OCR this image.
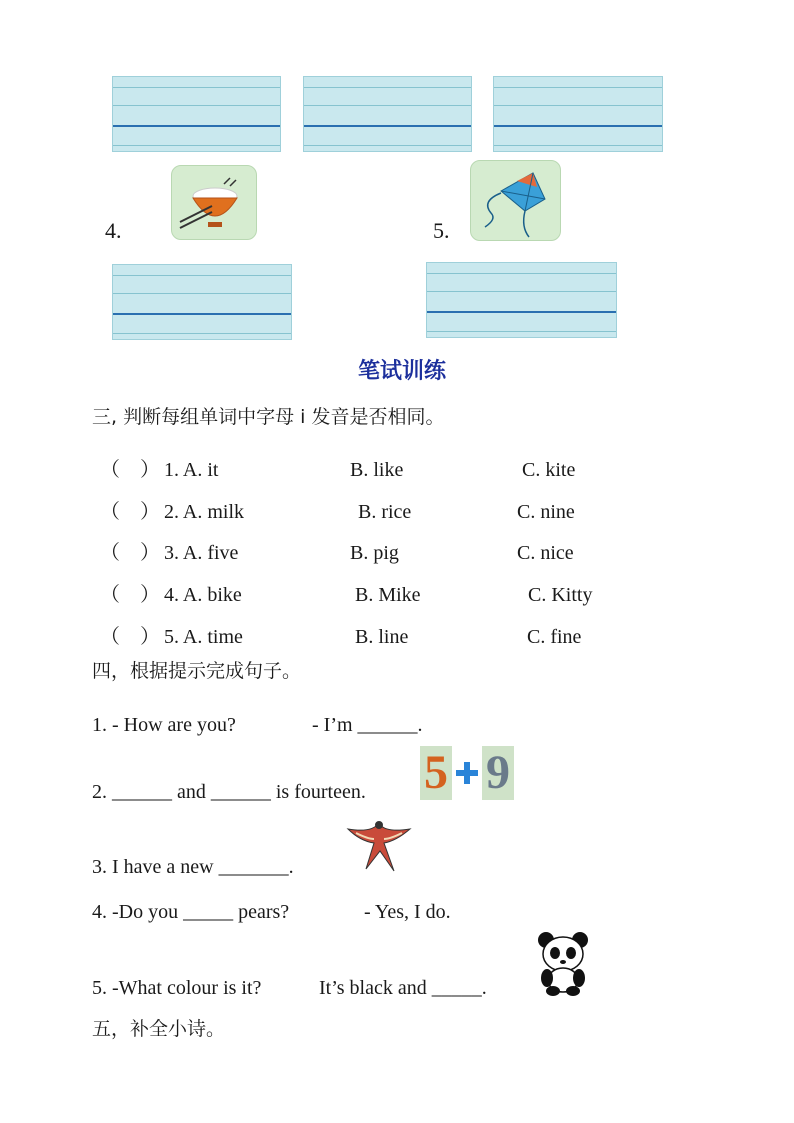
4.	5.
笔试训练
三, 判断每组单词中字母 i 发音是否相同。
（　） 1. A. it	B. like	C. kite
（　） 2. A. milk	B. rice	C. nine
（　） 3. A. five	B. pig	C. nice
（　） 4. A. bike	B. Mike	C. Kitty
（　） 5. A. time	B. line	C. fine
四，根据提示完成句子。
1. - How are you?	- I’m ______.
2. ______ and ______ is fourteen. 5 9
3. I have a new _______.
4. -Do you _____ pears?	- Yes, I do.
5. -What colour is it?	It’s black and _____.
五，补全小诗。
